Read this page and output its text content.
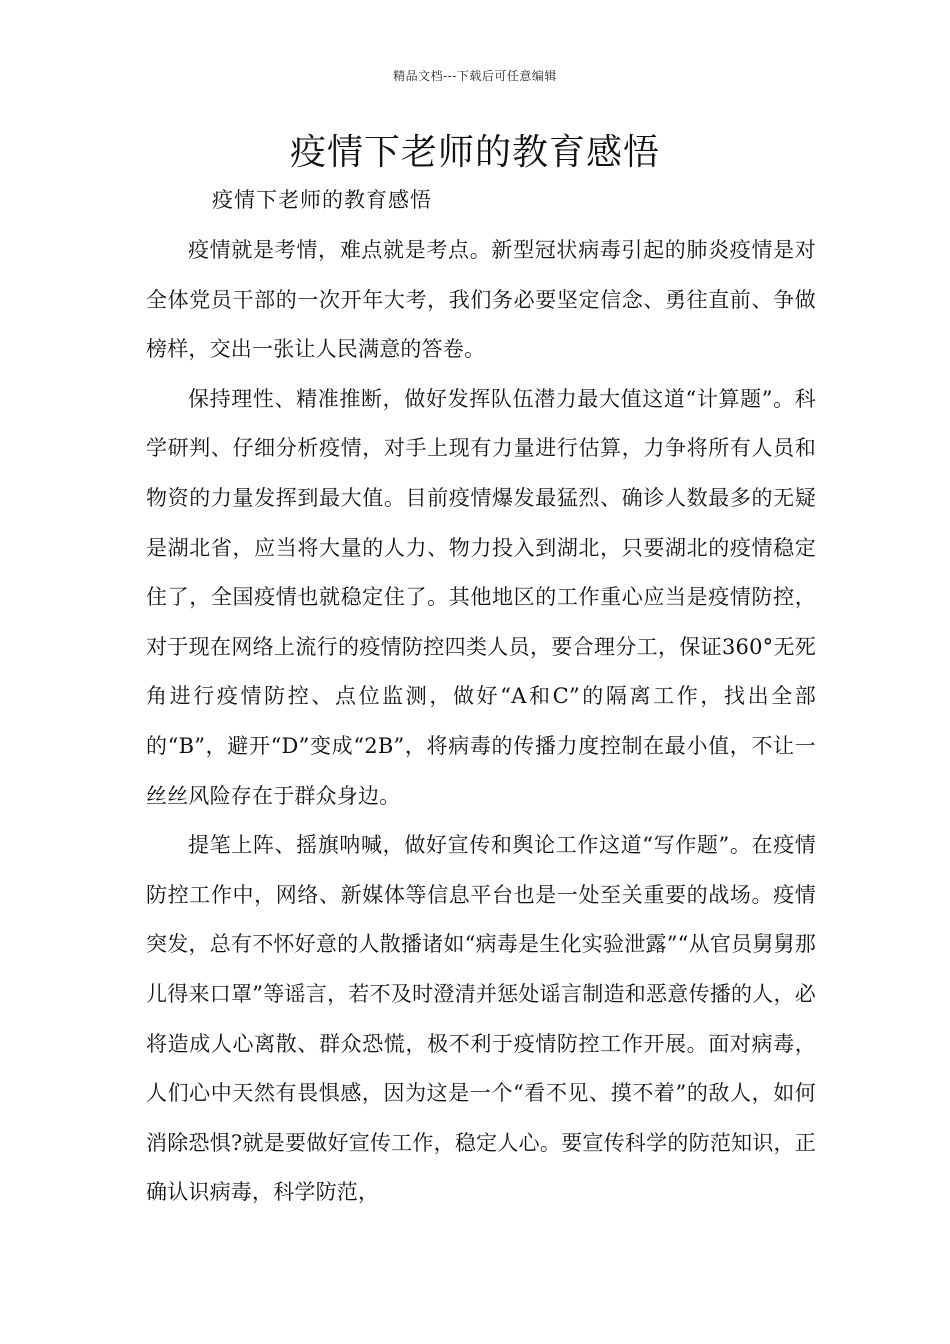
精品文档---下载后可任意编辑
疫情下老师的教育感悟
疫情下老师的教育感悟

疫情就是考情，难点就是考点。新型冠状病毒引起的肺炎疫情是对全体党员干部的一次开年大考，我们务必要坚定信念、勇往直前、争做榜样，交出一张让人民满意的答卷。

保持理性、精准推断，做好发挥队伍潜力最大值这道“计算题”。科学研判、仔细分析疫情，对手上现有力量进行估算，力争将所有人员和物资的力量发挥到最大值。目前疫情爆发最猛烈、确诊人数最多的无疑是湖北省，应当将大量的人力、物力投入到湖北，只要湖北的疫情稳定住了，全国疫情也就稳定住了。其他地区的工作重心应当是疫情防控，对于现在网络上流行的疫情防控四类人员，要合理分工，保证360°无死角进行疫情防控、点位监测，做好“A和C”的隔离工作，找出全部的“B”，避开“D”变成“2B”，将病毒的传播力度控制在最小值，不让一丝丝风险存在于群众身边。

提笔上阵、摇旗呐喊，做好宣传和舆论工作这道“写作题”。在疫情防控工作中，网络、新媒体等信息平台也是一处至关重要的战场。疫情突发，总有不怀好意的人散播诸如“病毒是生化实验泄露”“从官员舅舅那儿得来口罩”等谣言，若不及时澄清并惩处谣言制造和恶意传播的人，必将造成人心离散、群众恐慌，极不利于疫情防控工作开展。面对病毒，人们心中天然有畏惧感，因为这是一个“看不见、摸不着”的敌人，如何消除恐惧?就是要做好宣传工作，稳定人心。要宣传科学的防范知识，正确认识病毒，科学防范，
